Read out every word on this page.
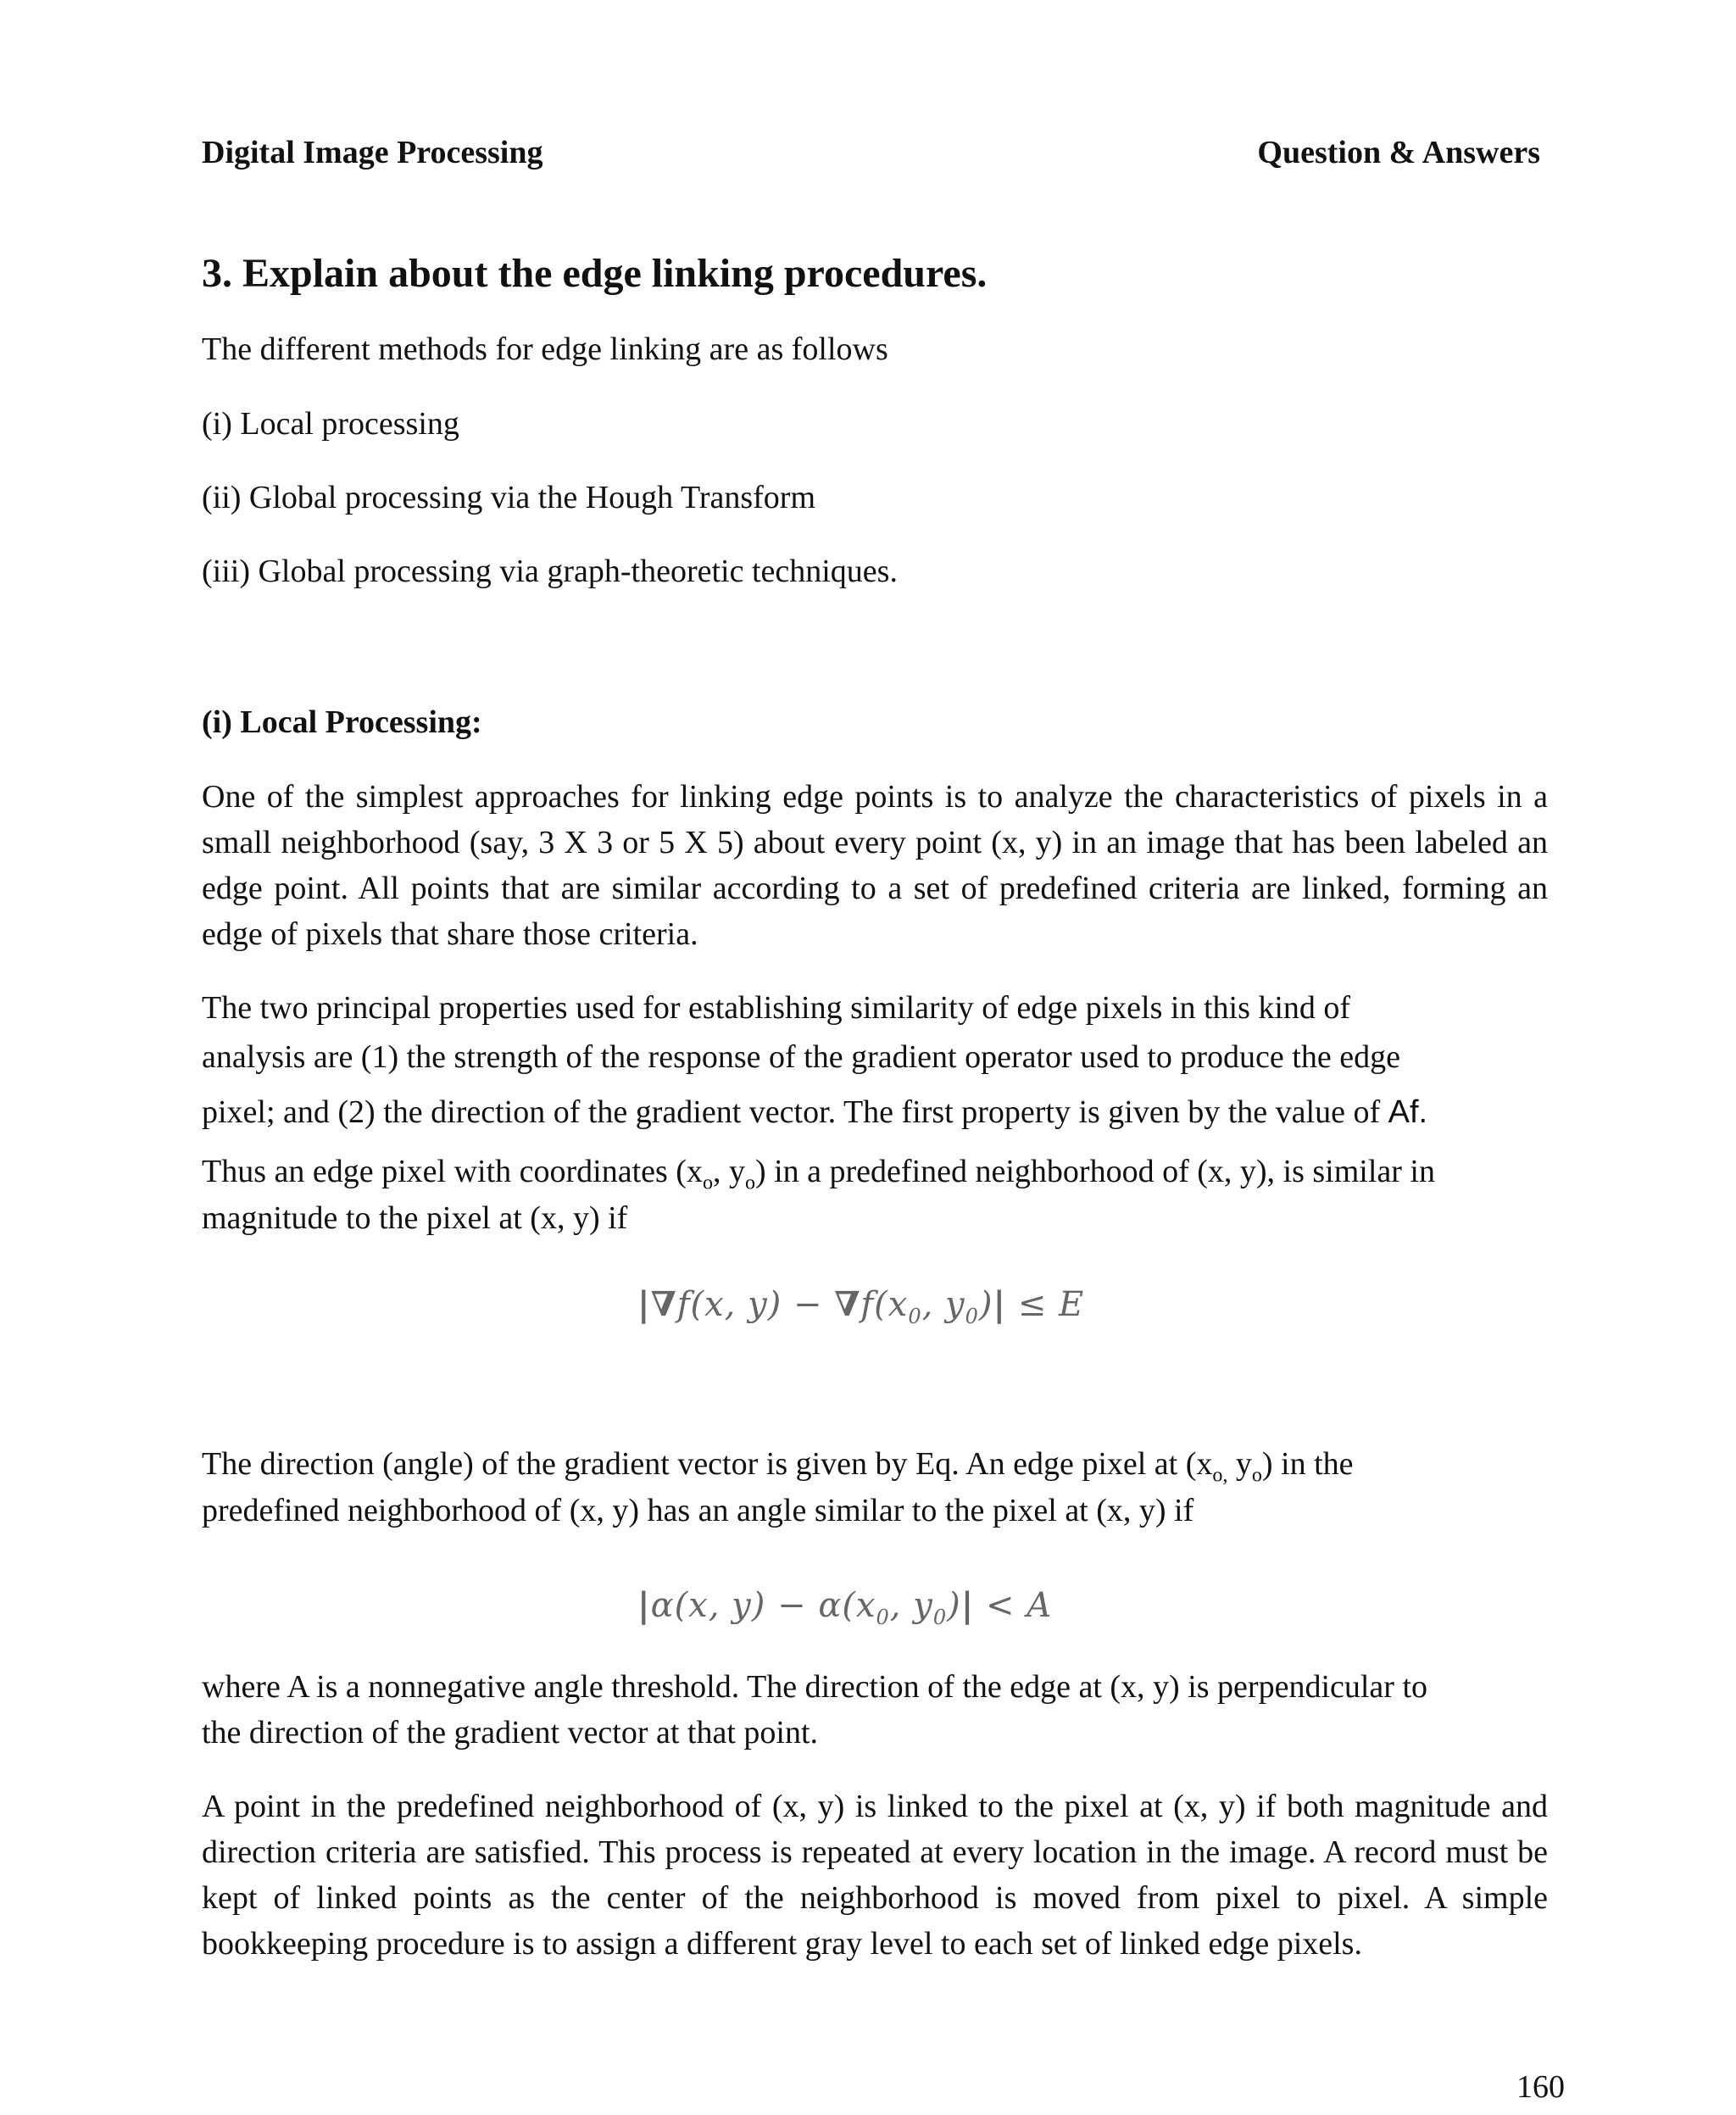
Digital Image Processing	Question & Answers
3. Explain about the edge linking procedures.
The different methods for edge linking are as follows
(i) Local processing
(ii) Global processing via the Hough Transform
(iii) Global processing via graph-theoretic techniques.
(i) Local Processing:
One of the simplest approaches for linking edge points is to analyze the characteristics of pixels in a small neighborhood (say, 3 X 3 or 5 X 5) about every point (x, y) in an image that has been labeled an edge point. All points that are similar according to a set of predefined criteria are linked, forming an edge of pixels that share those criteria.
The two principal properties used for establishing similarity of edge pixels in this kind of
analysis are (1) the strength of the response of the gradient operator used to produce the edge
pixel; and (2) the direction of the gradient vector. The first property is given by the value of Af.
Thus an edge pixel with coordinates ($x_o$, $y_o$) in a predefined neighborhood of (x, y), is similar in
magnitude to the pixel at (x, y) if
|∇f(x, $y) - \nabla f(x_0$, $y_0)| \le E$
The direction (angle) of the gradient vector is given by Eq. An edge pixel at ($x_{o,}$ $y_o$) in the
predefined neighborhood of (x, y) has an angle similar to the pixel at (x, y) if
|α(x, $y) - \alpha(x_0$, $y_0)| < A$
where A is a nonnegative angle threshold. The direction of the edge at (x, y) is perpendicular to
the direction of the gradient vector at that point.
A point in the predefined neighborhood of (x, y) is linked to the pixel at (x, y) if both magnitude and direction criteria are satisfied. This process is repeated at every location in the image. A record must be kept of linked points as the center of the neighborhood is moved from pixel to pixel. A simple bookkeeping procedure is to assign a different gray level to each set of linked edge pixels.
160
